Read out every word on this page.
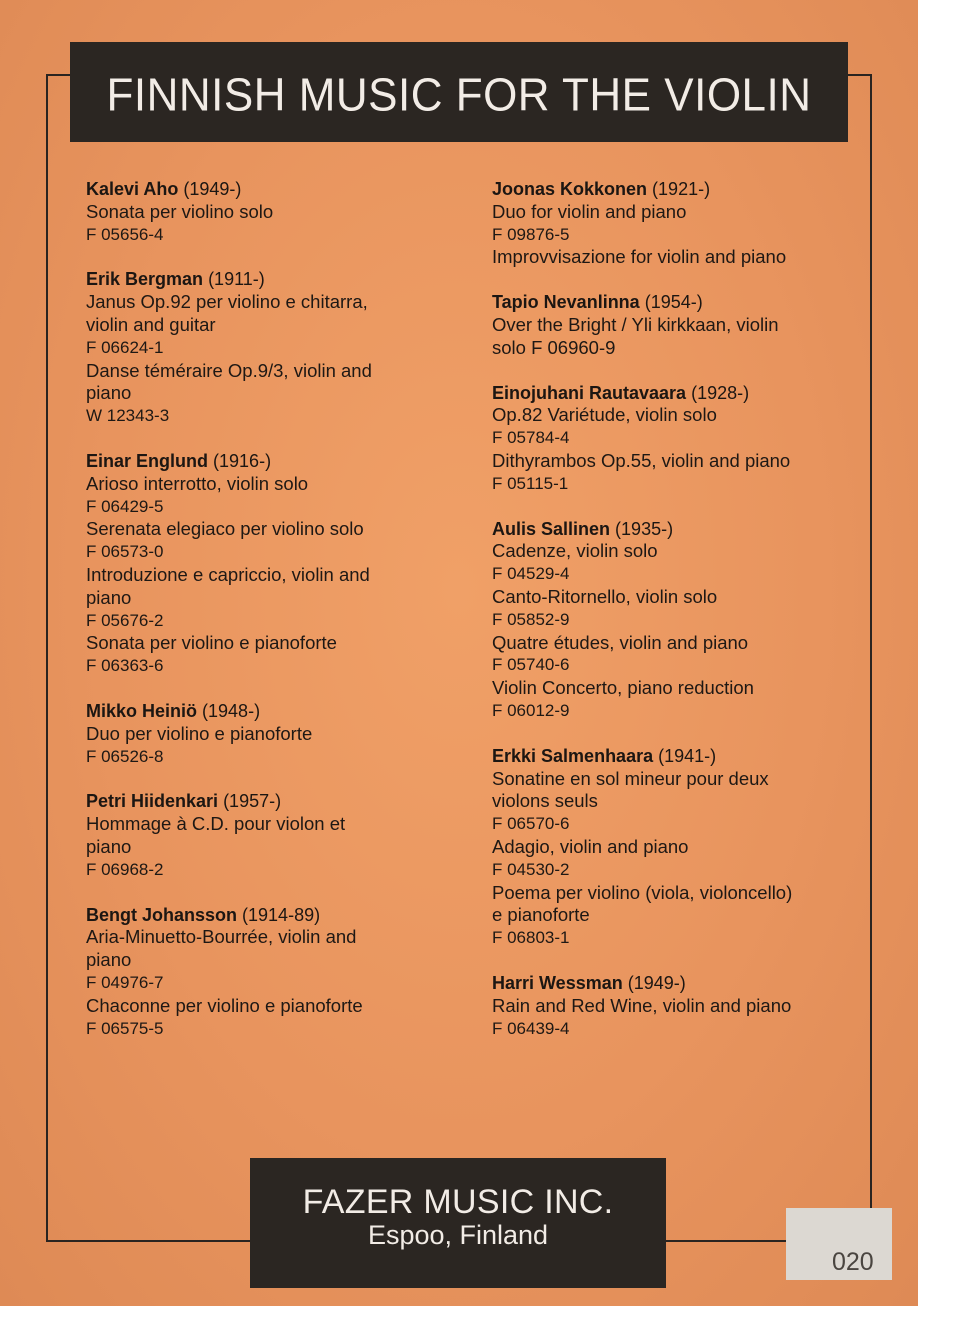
FINNISH MUSIC FOR THE VIOLIN
Kalevi Aho (1949-)
Sonata per violino solo
F 05656-4
Erik Bergman (1911-)
Janus Op.92 per violino e chitarra,
violin and guitar
F 06624-1
Danse téméraire Op.9/3, violin and
piano
W 12343-3
Einar Englund (1916-)
Arioso interrotto, violin solo
F 06429-5
Serenata elegiaco per violino solo
F 06573-0
Introduzione e capriccio, violin and
piano
F 05676-2
Sonata per violino e pianoforte
F 06363-6
Mikko Heiniö (1948-)
Duo per violino e pianoforte
F 06526-8
Petri Hiidenkari (1957-)
Hommage à C.D. pour violon et
piano
F 06968-2
Bengt Johansson (1914-89)
Aria-Minuetto-Bourrée, violin and
piano
F 04976-7
Chaconne per violino e pianoforte
F 06575-5
Joonas Kokkonen (1921-)
Duo for violin and piano
F 09876-5
Improvvisazione for violin and piano
Tapio Nevanlinna (1954-)
Over the Bright / Yli kirkkaan, violin
solo F 06960-9
Einojuhani Rautavaara (1928-)
Op.82 Variétude, violin solo
F 05784-4
Dithyrambos Op.55, violin and piano
F 05115-1
Aulis Sallinen (1935-)
Cadenze, violin solo
F 04529-4
Canto-Ritornello, violin solo
F 05852-9
Quatre études, violin and piano
F 05740-6
Violin Concerto, piano reduction
F 06012-9
Erkki Salmenhaara (1941-)
Sonatine en sol mineur pour deux
violons seuls
F 06570-6
Adagio, violin and piano
F 04530-2
Poema per violino (viola, violoncello)
e pianoforte
F 06803-1
Harri Wessman (1949-)
Rain and Red Wine, violin and piano
F 06439-4
FAZER MUSIC INC.
Espoo, Finland
020
